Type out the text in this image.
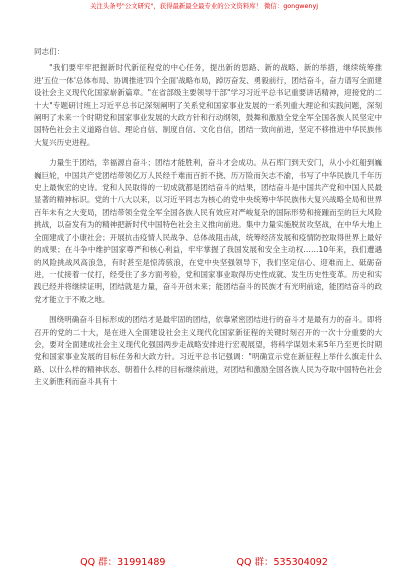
关注头条号"公文研究"，获得最新最全最专业的公文资料库！ 微信：gongwenyj
同志们：

"我们要牢牢把握新时代新征程党的中心任务，提出新的思路、新的战略、新的举措，继续统筹推进'五位一体'总体布局、协调推进'四个全面'战略布局，踔厉奋发、勇毅前行，团结奋斗，奋力谱写全面建设社会主义现代化国家崭新篇章。"在省部级主要领导干部"学习习近平总书记重要讲话精神，迎接党的二十大"专题研讨班上习近平总书记深刻阐明了关系党和国家事业发展的一系列重大理论和实践问题，深刻阐明了未来一个时期党和国家事业发展的大政方针和行动纲领，鼓舞和激励全党全军全国各族人民坚定中国特色社会主义道路自信、理论自信、制度自信、文化自信，团结一致向前进，坚定不移推进中华民族伟大复兴历史进程。

力量生于团结，幸福源自奋斗；团结才能胜利，奋斗才会成功。从石库门到天安门，从小小红船到巍巍巨轮，中国共产党团结带领亿万人民经千难而百折不挠、历万险而矢志不渝，书写了中华民族几千年历史上最恢宏的史诗。党和人民取得的一切成就都是团结奋斗的结果，团结奋斗是中国共产党和中国人民最显著的精神标识。党的十八大以来，以习近平同志为核心的党中央统筹中华民族伟大复兴战略全局和世界百年未有之大变局，团结带领全党全军全国各族人民有效应对严峻复杂的国际形势和接踵而至的巨大风险挑战，以奋发有为的精神把新时代中国特色社会主义推向前进。集中力量实施脱贫攻坚战，在中华大地上全面建成了小康社会；开展抗击疫情人民战争、总体战阻击战，统筹经济发展和疫情防控取得世界上最好的成果；在斗争中维护国家尊严和核心利益，牢牢掌握了我国发展和安全主动权……10年来，我们遭遇的风险挑战风高浪急，有时甚至是惊涛骇浪，在党中央坚强领导下，我们坚定信心、迎难而上、砥砺奋进，一仗接着一仗打，经受住了多方面考验，党和国家事业取得历史性成就、发生历史性变革。历史和实践已经并将继续证明，团结就是力量，奋斗开创未来；能团结奋斗的民族才有光明前途，能团结奋斗的政党才能立于不败之地。

围绕明确奋斗目标形成的团结才是最牢固的团结，依靠紧密团结进行的奋斗才是最有力的奋斗。即将召开的党的二十大，是在进入全面建设社会主义现代化国家新征程的关键时刻召开的一次十分重要的大会，要对全面建成社会主义现代化强国两步走战略安排进行宏观展望，将科学谋划未来5年乃至更长时期党和国家事业发展的目标任务和大政方针。习近平总书记强调："明确宣示党在新征程上举什么旗走什么路、以什么样的精神状态、朝着什么样的目标继续前进，对团结和激励全国各族人民为夺取中国特色社会主义新胜利而奋斗具有十

QQ 群：31991489	QQ 群：535304092
